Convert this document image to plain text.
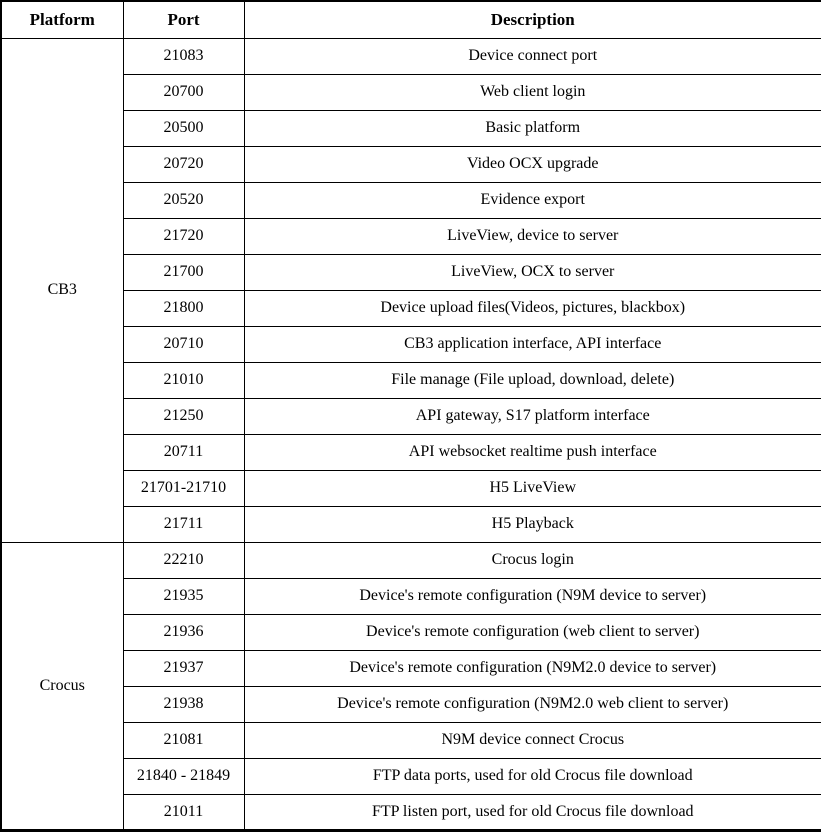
Platform	Port	Description
CB3	21083	Device connect port
	20700	Web client login
	20500	Basic platform
	20720	Video OCX upgrade
	20520	Evidence export
	21720	LiveView, device to server
	21700	LiveView, OCX to server
	21800	Device upload files(Videos, pictures, blackbox)
	20710	CB3 application interface, API interface
	21010	File manage (File upload, download, delete)
	21250	API gateway, S17 platform interface
	20711	API websocket realtime push interface
	21701-21710	H5 LiveView
	21711	H5 Playback
Crocus	22210	Crocus login
	21935	Device's remote configuration (N9M device to server)
	21936	Device's remote configuration (web client to server)
	21937	Device's remote configuration (N9M2.0 device to server)
	21938	Device's remote configuration (N9M2.0 web client to server)
	21081	N9M device connect Crocus
	21840 - 21849	FTP data ports, used for old Crocus file download
	21011	FTP listen port, used for old Crocus file download
